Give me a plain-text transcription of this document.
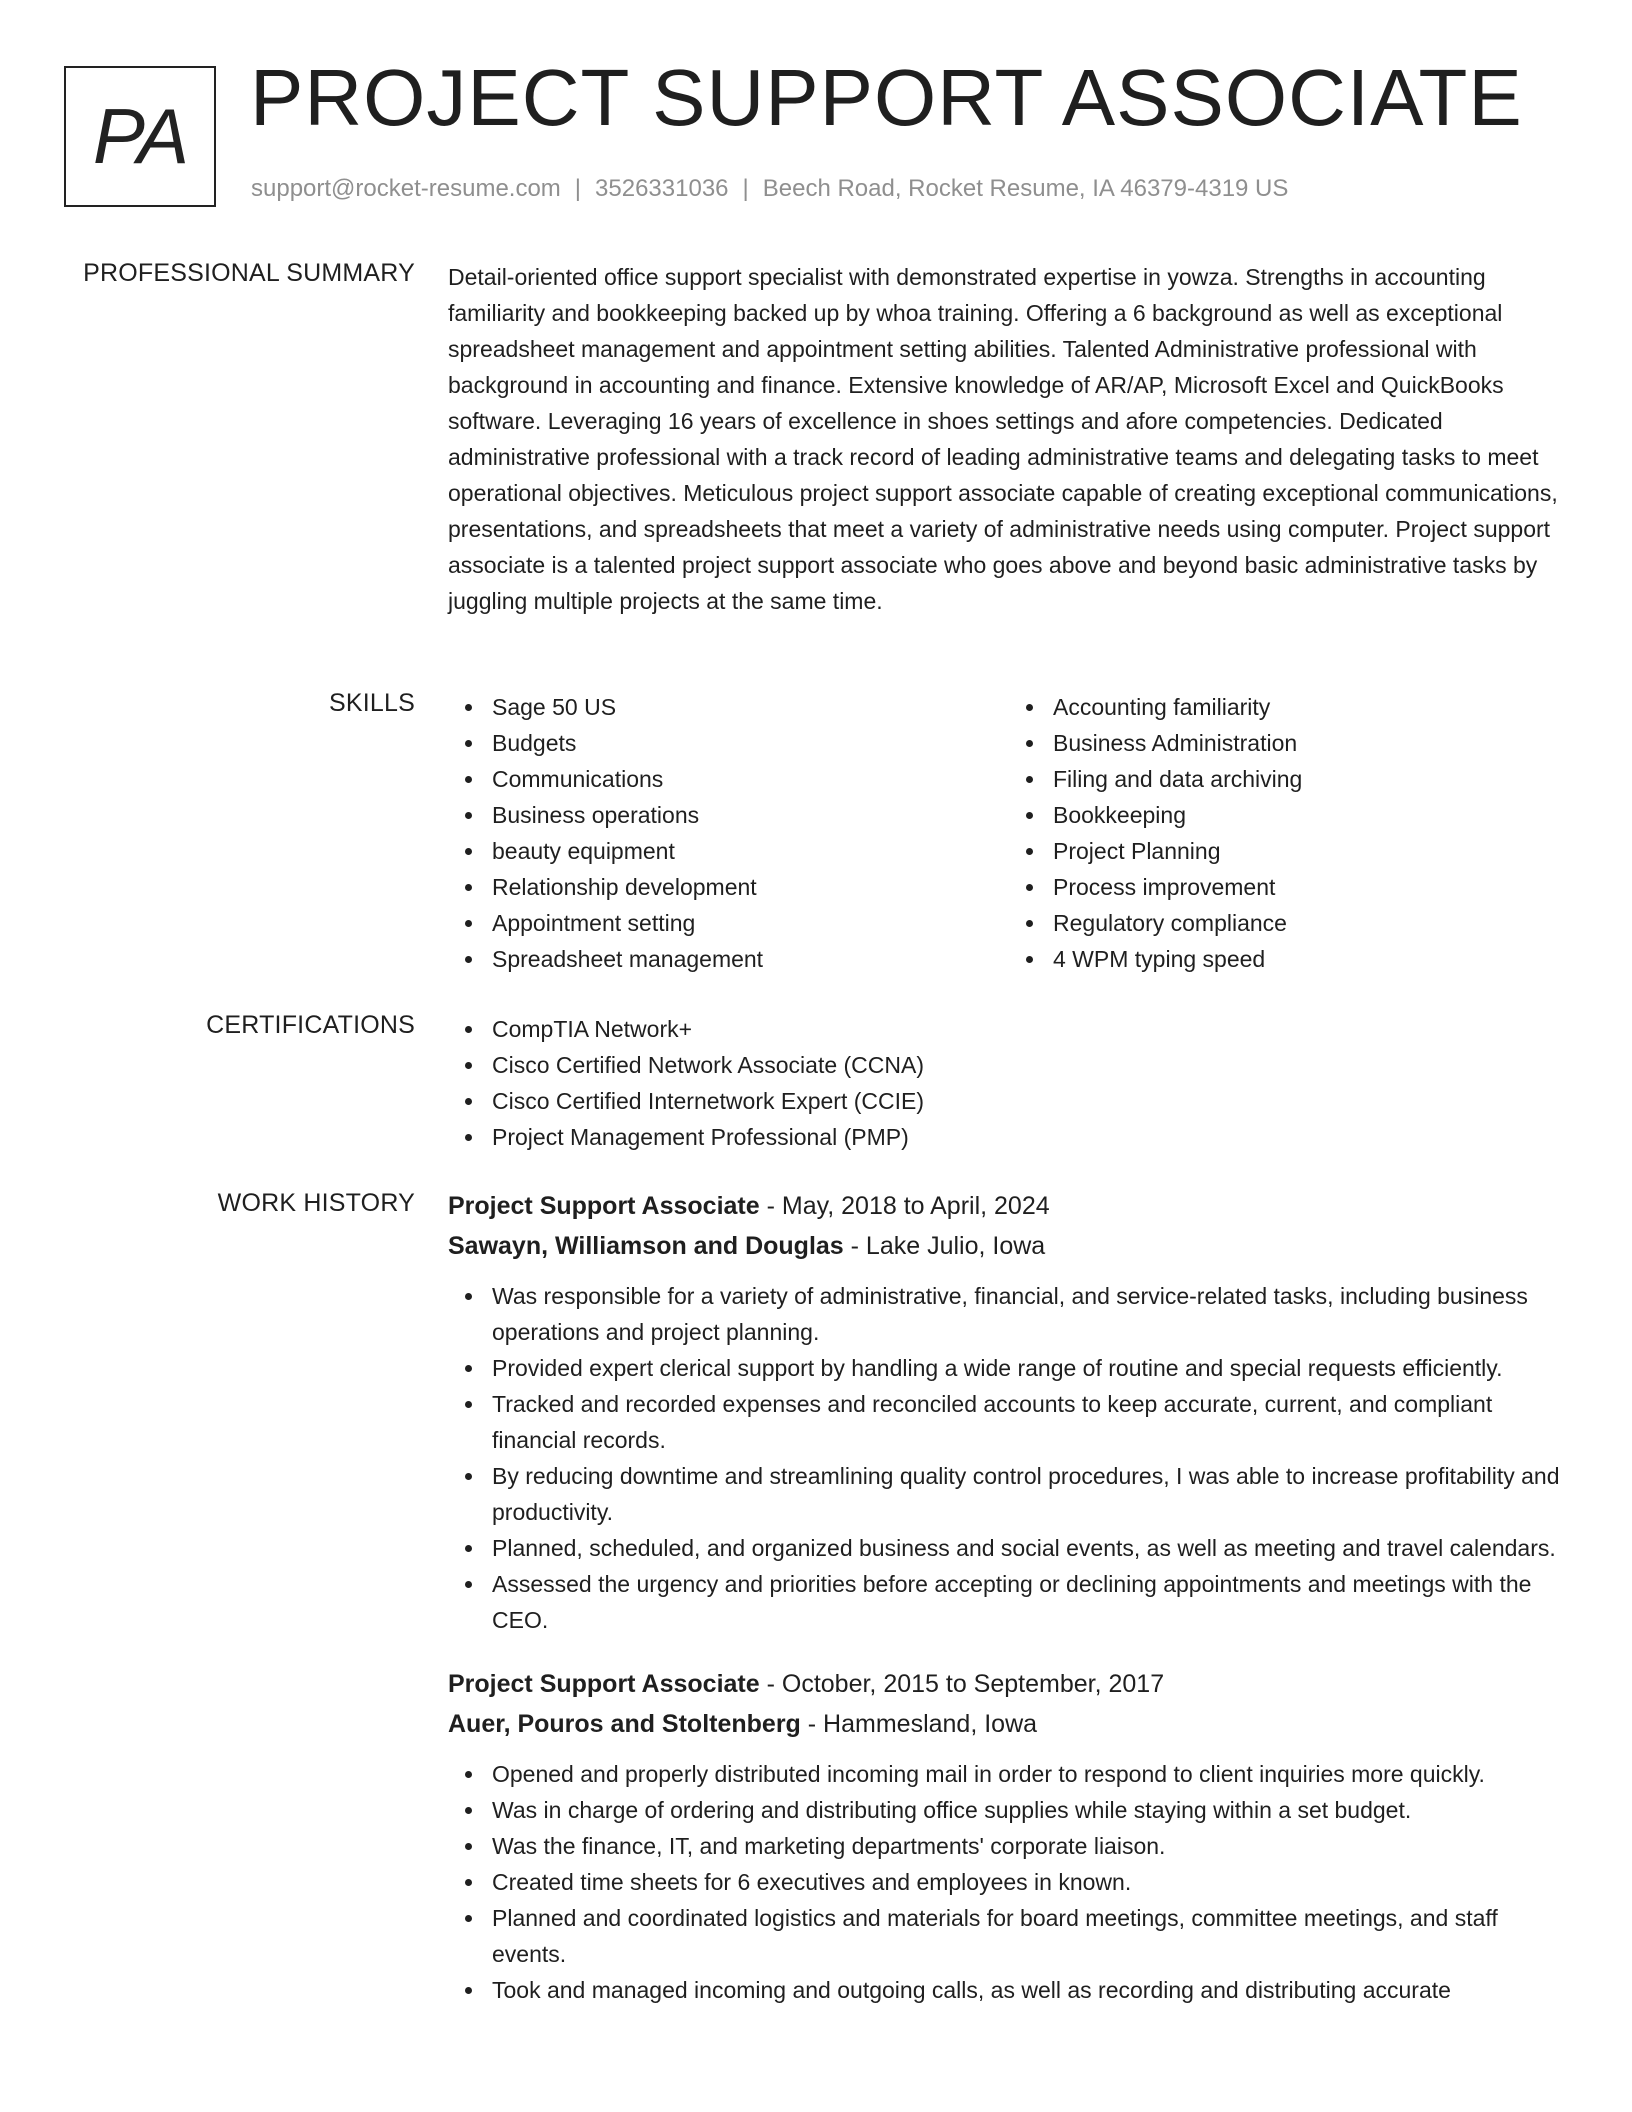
PA PROJECT SUPPORT ASSOCIATE
support@rocket-resume.com | 3526331036 | Beech Road, Rocket Resume, IA 46379-4319 US
PROFESSIONAL SUMMARY Detail-oriented office support specialist with demonstrated expertise in yowza. Strengths in accounting familiarity and bookkeeping backed up by whoa training. Offering a 6 background as well as exceptional spreadsheet management and appointment setting abilities. Talented Administrative professional with background in accounting and finance. Extensive knowledge of AR/AP, Microsoft Excel and QuickBooks software. Leveraging 16 years of excellence in shoes settings and afore competencies. Dedicated administrative professional with a track record of leading administrative teams and delegating tasks to meet operational objectives. Meticulous project support associate capable of creating exceptional communications, presentations, and spreadsheets that meet a variety of administrative needs using computer. Project support associate is a talented project support associate who goes above and beyond basic administrative tasks by juggling multiple projects at the same time.

SKILLS	Sage 50 US
Budgets
Communications
Business operations
beauty equipment
Relationship development
Appointment setting
Spreadsheet management
Accounting familiarity
Business Administration
Filing and data archiving
Bookkeeping
Project Planning
Process improvement
Regulatory compliance
4 WPM typing speed
CERTIFICATIONS	CompTIA Network+
Cisco Certified Network Associate (CCNA)
Cisco Certified Internetwork Expert (CCIE)
Project Management Professional (PMP)
WORK HISTORY Project Support Associate - May, 2018 to April, 2024
Sawayn, Williamson and Douglas - Lake Julio, Iowa
Was responsible for a variety of administrative, financial, and service-related tasks, including business operations and project planning.
Provided expert clerical support by handling a wide range of routine and special requests efficiently.
Tracked and recorded expenses and reconciled accounts to keep accurate, current, and compliant financial records.
By reducing downtime and streamlining quality control procedures, I was able to increase profitability and productivity.
Planned, scheduled, and organized business and social events, as well as meeting and travel calendars.
Assessed the urgency and priorities before accepting or declining appointments and meetings with the CEO.
Project Support Associate - October, 2015 to September, 2017
Auer, Pouros and Stoltenberg - Hammesland, Iowa
Opened and properly distributed incoming mail in order to respond to client inquiries more quickly.
Was in charge of ordering and distributing office supplies while staying within a set budget.
Was the finance, IT, and marketing departments' corporate liaison.
Created time sheets for 6 executives and employees in known.
Planned and coordinated logistics and materials for board meetings, committee meetings, and staff events.
Took and managed incoming and outgoing calls, as well as recording and distributing accurate
